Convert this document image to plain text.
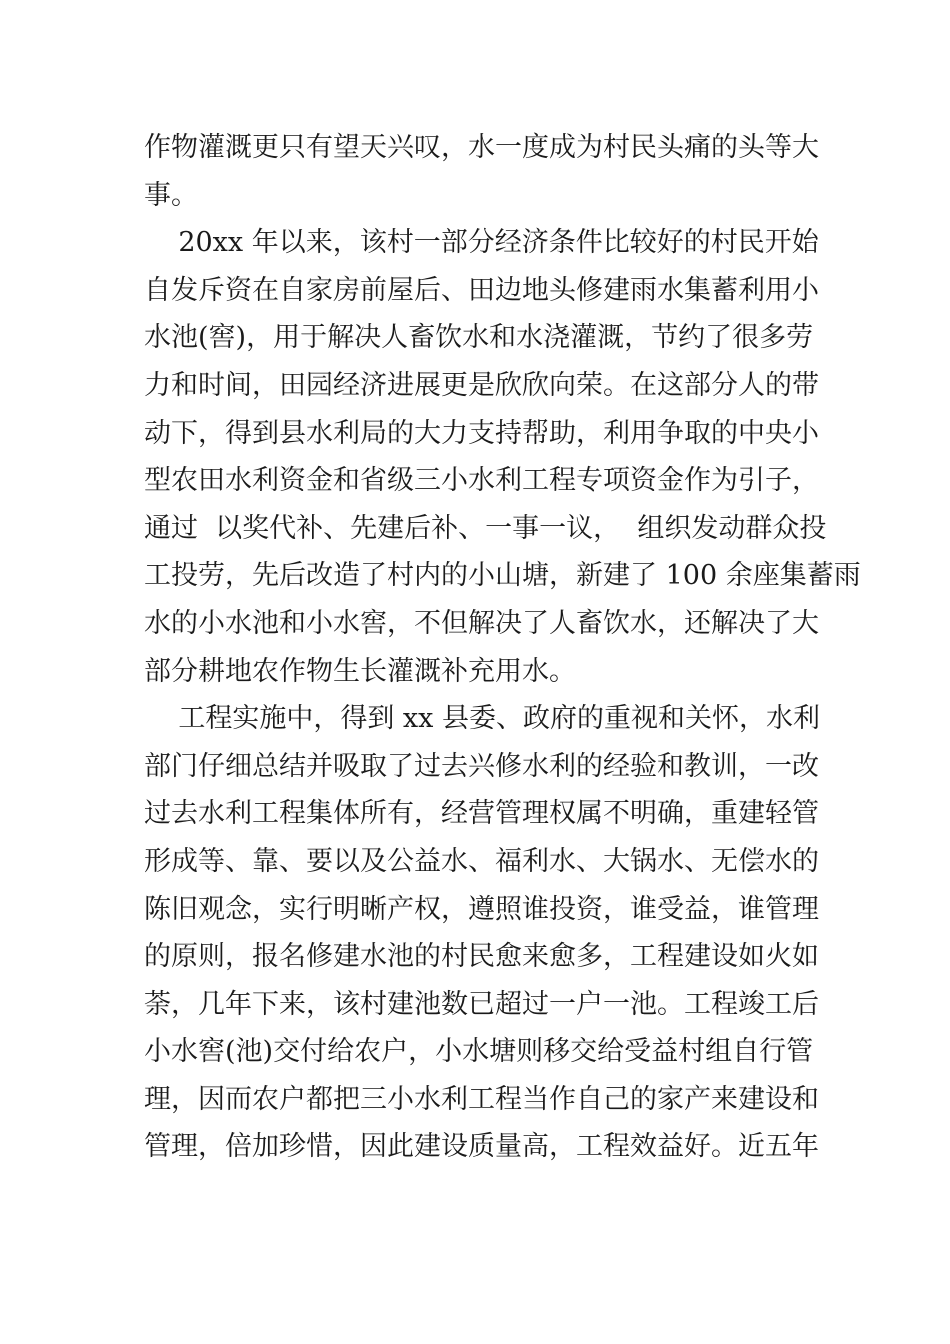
作物灌溉更只有望天兴叹，水一度成为村民头痛的头等大
事。
20xx 年以来，该村一部分经济条件比较好的村民开始
自发斥资在自家房前屋后、田边地头修建雨水集蓄利用小
水池(窖)，用于解决人畜饮水和水浇灌溉，节约了很多劳
力和时间，田园经济进展更是欣欣向荣。在这部分人的带
动下，得到县水利局的大力支持帮助，利用争取的中央小
型农田水利资金和省级三小水利工程专项资金作为引子，
通过  以奖代补、先建后补、一事一议，  组织发动群众投
工投劳，先后改造了村内的小山塘，新建了 100 余座集蓄雨
水的小水池和小水窖，不但解决了人畜饮水，还解决了大
部分耕地农作物生长灌溉补充用水。
工程实施中，得到 xx 县委、政府的重视和关怀，水利
部门仔细总结并吸取了过去兴修水利的经验和教训，一改
过去水利工程集体所有，经营管理权属不明确，重建轻管
形成等、靠、要以及公益水、福利水、大锅水、无偿水的
陈旧观念，实行明晰产权，遵照谁投资，谁受益，谁管理
的原则，报名修建水池的村民愈来愈多，工程建设如火如
荼，几年下来，该村建池数已超过一户一池。工程竣工后
小水窖(池)交付给农户，小水塘则移交给受益村组自行管
理，因而农户都把三小水利工程当作自己的家产来建设和
管理，倍加珍惜，因此建设质量高，工程效益好。近五年
